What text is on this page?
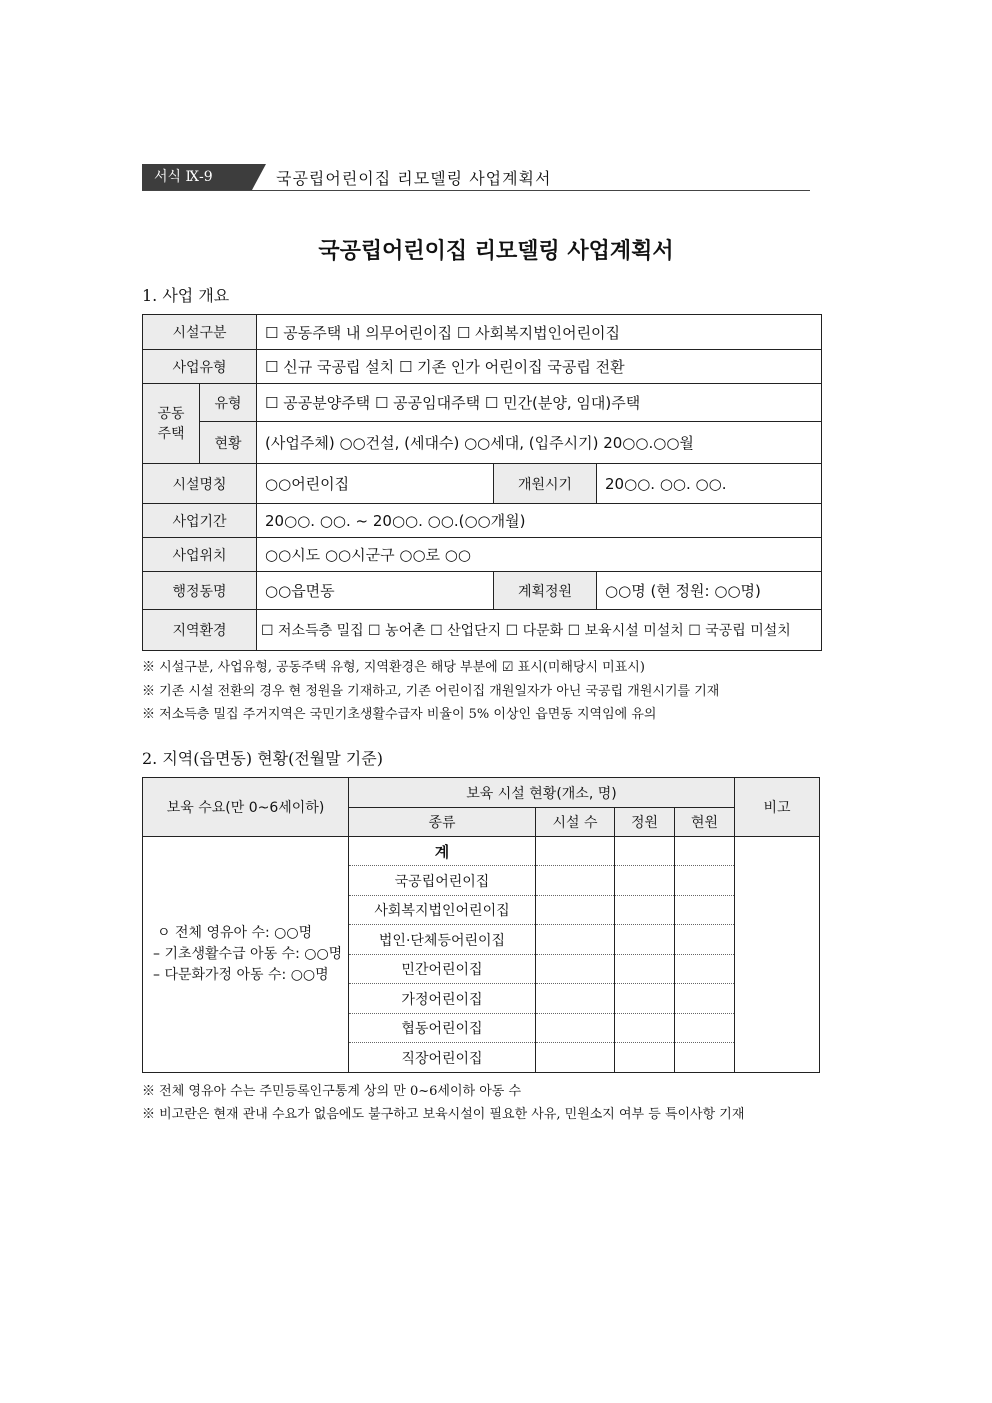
서식 Ⅸ-9	국공립어린이집 리모델링 사업계획서
국공립어린이집 리모델링 사업계획서
1. 사업 개요
시설구분		☐ 공동주택 내 의무어린이집 ☐ 사회복지법인어린이집		
사업유형		☐ 신규 국공립 설치 ☐ 기존 인가 어린이집 국공립 전환		
공동주택	유형	☐ 공공분양주택 ☐ 공공임대주택 ☐ 민간(분양, 임대)주택		
	현황	(사업주체) ○○건설, (세대수) ○○세대, (입주시기) 20○○.○○월		
시설명칭		○○어린이집	개원시기	20○○. ○○. ○○.
사업기간		20○○. ○○. ~ 20○○. ○○.(○○개월)		
사업위치		○○시도 ○○시군구 ○○로 ○○		
행정동명		○○읍면동	계획정원	○○명 (현 정원: ○○명)
지역환경		☐ 저소득층 밀집 ☐ 농어촌 ☐ 산업단지 ☐ 다문화 ☐ 보육시설 미설치 ☐ 국공립 미설치		
※ 시설구분, 사업유형, 공동주택 유형, 지역환경은 해당 부분에 ☑ 표시(미해당시 미표시)
※ 기존 시설 전환의 경우 현 정원을 기재하고, 기존 어린이집 개원일자가 아닌 국공립 개원시기를 기재
※ 저소득층 밀집 주거지역은 국민기초생활수급자 비율이 5% 이상인 읍면동 지역임에 유의
2. 지역(읍면동) 현황(전월말 기준)
보육 수요(만 0~6세이하)	보육 시설 현황(개소, 명)				비고
	종류	시설 수	정원	현원	

ㅇ 전체 영유아 수: ○○명
– 기초생활수급 아동 수: ○○명
– 다문화가정 아동 수: ○○명	계				
	국공립어린이집				
	사회복지법인어린이집				
	법인·단체등어린이집				
	민간어린이집				
	가정어린이집				
	협동어린이집				
	직장어린이집				
※ 전체 영유아 수는 주민등록인구통계 상의 만 0~6세이하 아동 수
※ 비고란은 현재 관내 수요가 없음에도 불구하고 보육시설이 필요한 사유, 민원소지 여부 등 특이사항 기재
